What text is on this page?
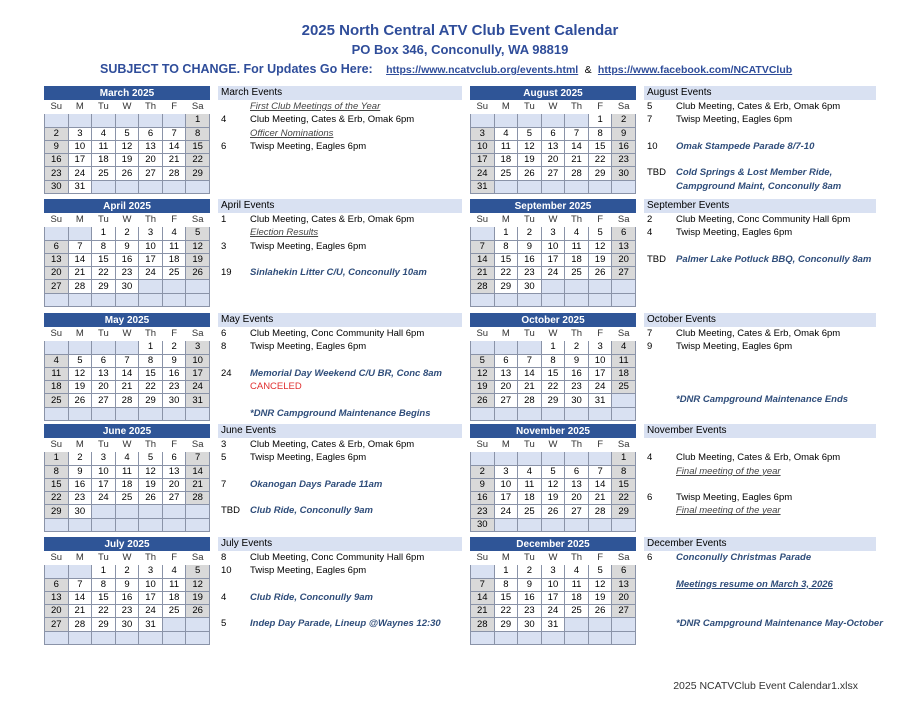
2025 North Central ATV Club Event Calendar
PO Box 346, Conconully, WA 98819
SUBJECT TO CHANGE. For Updates Go Here: https://www.ncatvclub.org/events.html & https://www.facebook.com/NCATVClub
March 2025
Su	M	Tu	W	Th	F	Sa
						1
2	3	4	5	6	7	8
9	10	11	12	13	14	15
16	17	18	19	20	21	22
23	24	25	26	27	28	29
30	31					
March Events
First Club Meetings of the Year
4 Club Meeting, Cates & Erb, Omak 6pm
Officer Nominations
6 Twisp Meeting, Eagles 6pm
April 2025
Su	M	Tu	W	Th	F	Sa
		1	2	3	4	5
6	7	8	9	10	11	12
13	14	15	16	17	18	19
20	21	22	23	24	25	26
27	28	29	30			

April Events
1 Club Meeting, Cates & Erb, Omak 6pm
Election Results
3 Twisp Meeting, Eagles 6pm
19 Sinlahekin Litter C/U, Conconully 10am
May 2025
Su	M	Tu	W	Th	F	Sa
				1	2	3
4	5	6	7	8	9	10
11	12	13	14	15	16	17
18	19	20	21	22	23	24
25	26	27	28	29	30	31

May Events
6 Club Meeting, Conc Community Hall 6pm
8 Twisp Meeting, Eagles 6pm
24 Memorial Day Weekend C/U BR, Conc 8am
CANCELED
*DNR Campground Maintenance Begins
June 2025
Su	M	Tu	W	Th	F	Sa
1	2	3	4	5	6	7
8	9	10	11	12	13	14
15	16	17	18	19	20	21
22	23	24	25	26	27	28
29	30					

June Events
3 Club Meeting, Cates & Erb, Omak 6pm
5 Twisp Meeting, Eagles 6pm
7 Okanogan Days Parade 11am
TBD Club Ride, Conconully 9am
July 2025
Su	M	Tu	W	Th	F	Sa
		1	2	3	4	5
6	7	8	9	10	11	12
13	14	15	16	17	18	19
20	21	22	23	24	25	26
27	28	29	30	31		

July Events
8 Club Meeting, Conc Community Hall 6pm
10 Twisp Meeting, Eagles 6pm
4 Club Ride, Conconully 9am
5 Indep Day Parade, Lineup @Waynes 12:30
August 2025
Su	M	Tu	W	Th	F	Sa
					1	2
3	4	5	6	7	8	9
10	11	12	13	14	15	16
17	18	19	20	21	22	23
24	25	26	27	28	29	30
31						
August Events
5 Club Meeting, Cates & Erb, Omak 6pm
7 Twisp Meeting, Eagles 6pm
10 Omak Stampede Parade 8/7-10
TBD Cold Springs & Lost Member Ride,
Campground Maint, Conconully 8am
September 2025
Su	M	Tu	W	Th	F	Sa
	1	2	3	4	5	6
7	8	9	10	11	12	13
14	15	16	17	18	19	20
21	22	23	24	25	26	27
28	29	30				

September Events
2 Club Meeting, Conc Community Hall 6pm
4 Twisp Meeting, Eagles 6pm
TBD Palmer Lake Potluck BBQ, Conconully 8am
October 2025
Su	M	Tu	W	Th	F	Sa
			1	2	3	4
5	6	7	8	9	10	11
12	13	14	15	16	17	18
19	20	21	22	23	24	25
26	27	28	29	30	31	

October Events
7 Club Meeting, Cates & Erb, Omak 6pm
9 Twisp Meeting, Eagles 6pm
*DNR Campground Maintenance Ends
November 2025
Su	M	Tu	W	Th	F	Sa
						1
2	3	4	5	6	7	8
9	10	11	12	13	14	15
16	17	18	19	20	21	22
23	24	25	26	27	28	29
30						
November Events
4 Club Meeting, Cates & Erb, Omak 6pm
Final meeting of the year
6 Twisp Meeting, Eagles 6pm
Final meeting of the year
December 2025
Su	M	Tu	W	Th	F	Sa
	1	2	3	4	5	6
7	8	9	10	11	12	13
14	15	16	17	18	19	20
21	22	23	24	25	26	27
28	29	30	31			

December Events
6 Conconully Christmas Parade
Meetings resume on March 3, 2026
*DNR Campground Maintenance May-October
2025 NCATVClub Event Calendar1.xlsx
